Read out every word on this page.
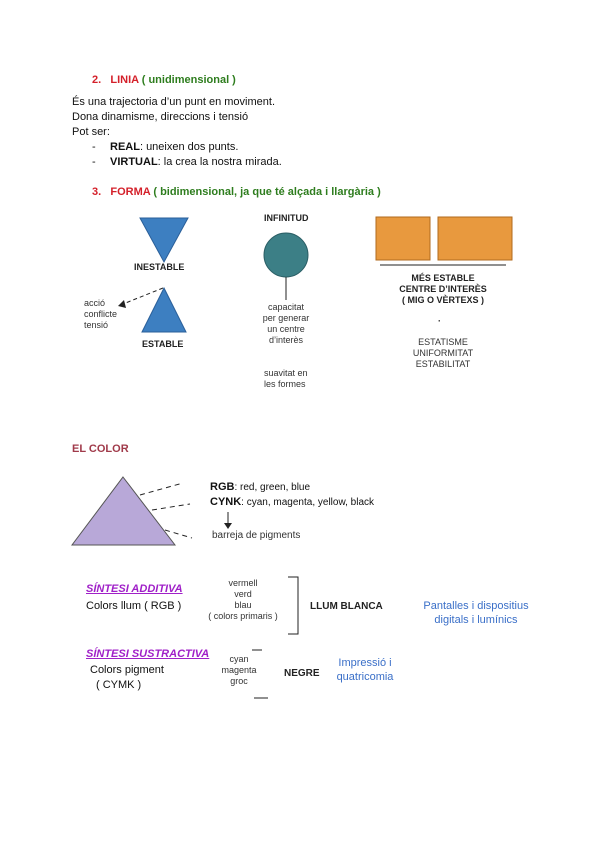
2. LINIA ( unidimensional )
És una trajectoria d’un punt en moviment.
Dona dinamisme, direccions i tensió
Pot ser:
- REAL: uneixen dos punts.
- VIRTUAL: la crea la nostra mirada.
3. FORMA ( bidimensional, ja que té alçada i llargària )
INESTABLE
ESTABLE
acció
conflicte
tensió
INFINITUD
capacitat
per generar
un centre
d’interès
suavitat en
les formes
MÉS ESTABLE
CENTRE D’INTERÈS
( MIG O VÈRTEXS )
·
ESTATISME
UNIFORMITAT
ESTABILITAT
EL COLOR
RGB: red, green, blue
CYNK: cyan, magenta, yellow, black
barreja de pigments
SÍNTESI ADDITIVA
Colors llum ( RGB )
vermell
verd
blau
( colors primaris )
LLUM BLANCA	Pantalles i dispositius
digitals i lumínics
SÍNTESI SUSTRACTIVA
Colors pigment
( CYMK )
cyan
magenta
groc
NEGRE
Impressió i
quatricomia
